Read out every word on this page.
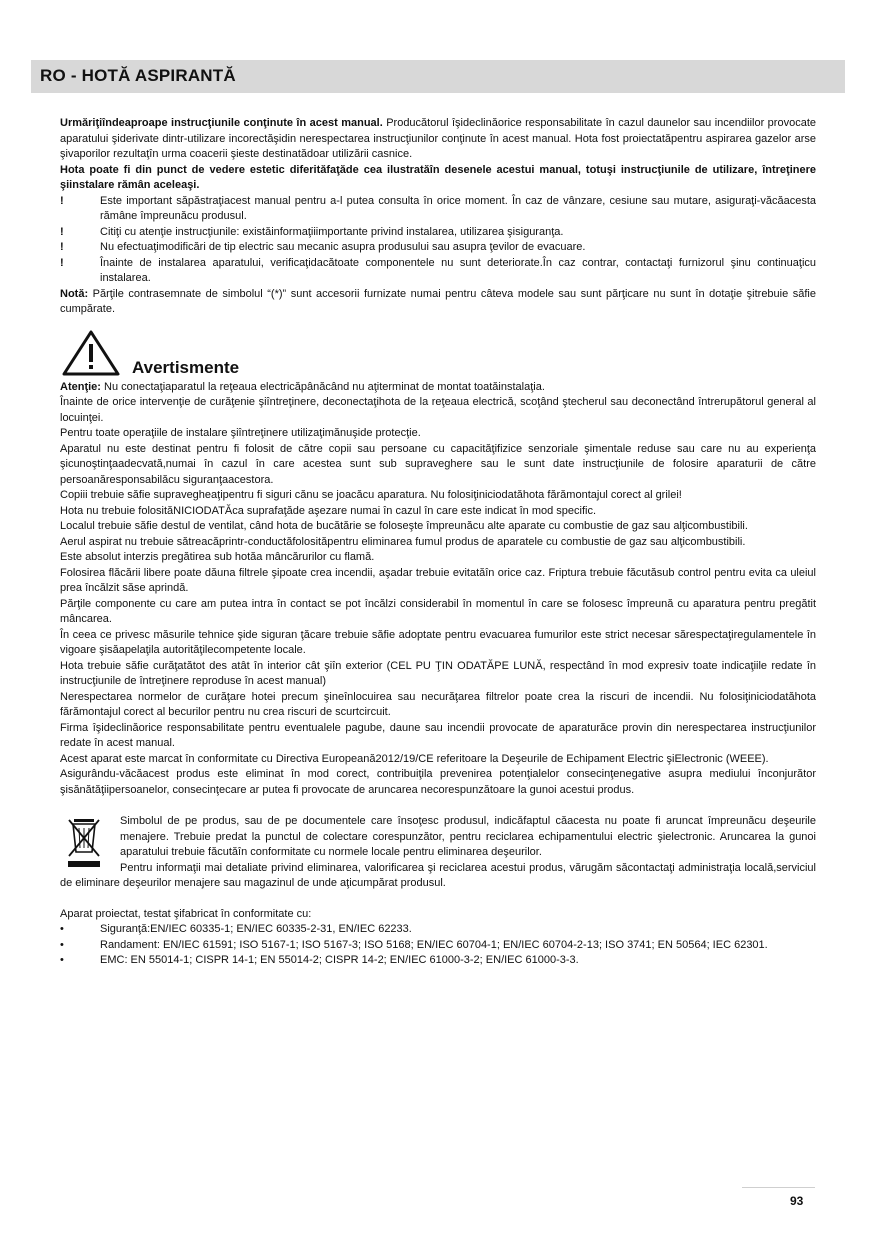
RO - HOTĂ ASPIRANTĂ

Urmăriţiîndeaproape instrucţiunile conţinute în acest manual. Producătorul îşideclinăorice responsabilitate în cazul daunelor sau incendiilor provocate aparatului şiderivate dintr-utilizare incorectăşidin nerespectarea instrucţiunilor conţinute în acest manual. Hota fost proiectatăpentru aspirarea gazelor arse şivaporilor rezultaţîn urma coacerii şieste destinatădoar utilizării casnice.

Hota poate fi din punct de vedere estetic diferităfaţăde cea ilustratăîn desenele acestui manual, totuşi instrucţiunile de utilizare, întreţinere şiinstalare rămân aceleaşi.

!	Este important săpăstraţiacest manual pentru a-l putea consulta în orice moment. În caz de vânzare, cesiune sau mutare, asiguraţi-văcăacesta rămâne împreunăcu produsul.
!	Citiţi cu atenţie instrucţiunile: existăinformaţiiimportante privind instalarea, utilizarea şisiguranţa.
!	Nu efectuaţimodificări de tip electric sau mecanic asupra produsului sau asupra ţevilor de evacuare.
!	Înainte de instalarea aparatului, verificaţidacătoate componentele nu sunt deteriorate.În caz contrar, contactaţi furnizorul şinu continuaţicu instalarea.

Notă: Părţile contrasemnate de simbolul “(*)” sunt accesorii furnizate numai pentru câteva modele sau sunt părţicare nu sunt în dotaţie şitrebuie săfie cumpărate.

Avertismente

Atenţie: Nu conectaţiaparatul la reţeaua electricăpânăcând nu aţiterminat de montat toatăinstalaţia.

Înainte de orice intervenţie de curăţenie şiîntreţinere, deconectaţihota de la reţeaua electrică, scoţând ştecherul sau deconectând întrerupătorul general al locuinţei.

Pentru toate operaţiile de instalare şiîntreţinere utilizaţimănuşide protecţie.

Aparatul nu este destinat pentru fi folosit de către copii sau persoane cu capacităţifizice senzoriale şimentale reduse sau care nu au experienţa şicunoştinţaadecvată,numai în cazul în care acestea sunt sub supraveghere sau le sunt date instrucţiunile de folosire aparaturii de către persoanăresponsabilăcu siguranţaacestora.

Copiii trebuie săfie supravegheaţipentru fi siguri cănu se joacăcu aparatura. Nu folosiţiniciodatăhota fărămontajul corect al grilei!

Hota nu trebuie folosităNICIODATĂca suprafaţăde aşezare numai în cazul în care este indicat în mod specific.

Localul trebuie săfie destul de ventilat, când hota de bucătărie se foloseşte împreunăcu alte aparate cu combustie de gaz sau alţicombustibili.

Aerul aspirat nu trebuie sătreacăprintr-conductăfolosităpentru eliminarea fumul produs de aparatele cu combustie de gaz sau alţicombustibili.

Este absolut interzis pregătirea sub hotăa mâncărurilor cu flamă.

Folosirea flăcării libere poate dăuna filtrele şipoate crea incendii, aşadar trebuie evitatăîn orice caz. Friptura trebuie făcutăsub control pentru evita ca uleiul prea încălzit săse aprindă.

Părţile componente cu care am putea intra în contact se pot încălzi considerabil în momentul în care se folosesc împreună cu aparatura pentru pregătit mâncarea.

În ceea ce privesc măsurile tehnice şide siguran ţăcare trebuie săfie adoptate pentru evacuarea fumurilor este strict necesar sărespectaţiregulamentele în vigoare şisăapelaţila autorităţilecompetente locale.

Hota trebuie săfie curăţatătot des atât în interior cât şiîn exterior (CEL PU ŢIN ODATĂPE LUNĂ, respectând în mod expresiv toate indicaţiile redate în instrucţiunile de întreţinere reproduse în acest manual)

Nerespectarea normelor de curăţare hotei precum şineînlocuirea sau necurăţarea filtrelor poate crea la riscuri de incendii. Nu folosiţiniciodatăhota fărămontajul corect al becurilor pentru nu crea riscuri de scurtcircuit.

Firma îşideclinăorice responsabilitate pentru eventualele pagube, daune sau incendii provocate de aparaturăce provin din nerespectarea instrucţiunilor redate în acest manual.

Acest aparat este marcat în conformitate cu Directiva Europeană2012/19/CE referitoare la Deşeurile de Echipament Electric şiElectronic (WEEE).

Asigurându-văcăacest produs este eliminat în mod corect, contribuiţila prevenirea potenţialelor consecinţenegative asupra mediului înconjurător şisănătăţiipersoanelor, consecinţecare ar putea fi provocate de aruncarea necorespunzătoare la gunoi acestui produs.

Simbolul de pe produs, sau de pe documentele care însoţesc produsul, indicăfaptul căacesta nu poate fi aruncat împreunăcu deşeurile menajere. Trebuie predat la punctul de colectare corespunzător, pentru reciclarea echipamentului electric şielectronic. Aruncarea la gunoi aparatului trebuie făcutăîn conformitate cu normele locale pentru eliminarea deşeurilor.
Pentru informaţii mai detaliate privind eliminarea, valorificarea şi reciclarea acestui produs, vărugăm săcontactaţi administraţia locală,serviciul de eliminare deşeurilor menajere sau magazinul de unde aţicumpărat produsul.

Aparat proiectat, testat şifabricat în conformitate cu:

•	Siguranţă:EN/IEC 60335-1; EN/IEC 60335-2-31, EN/IEC 62233.
•	Randament: EN/IEC 61591; ISO 5167-1; ISO 5167-3; ISO 5168; EN/IEC 60704-1; EN/IEC 60704-2-13; ISO 3741; EN 50564; IEC 62301.
•	EMC: EN 55014-1; CISPR 14-1; EN 55014-2; CISPR 14-2; EN/IEC 61000-3-2; EN/IEC 61000-3-3.
93
